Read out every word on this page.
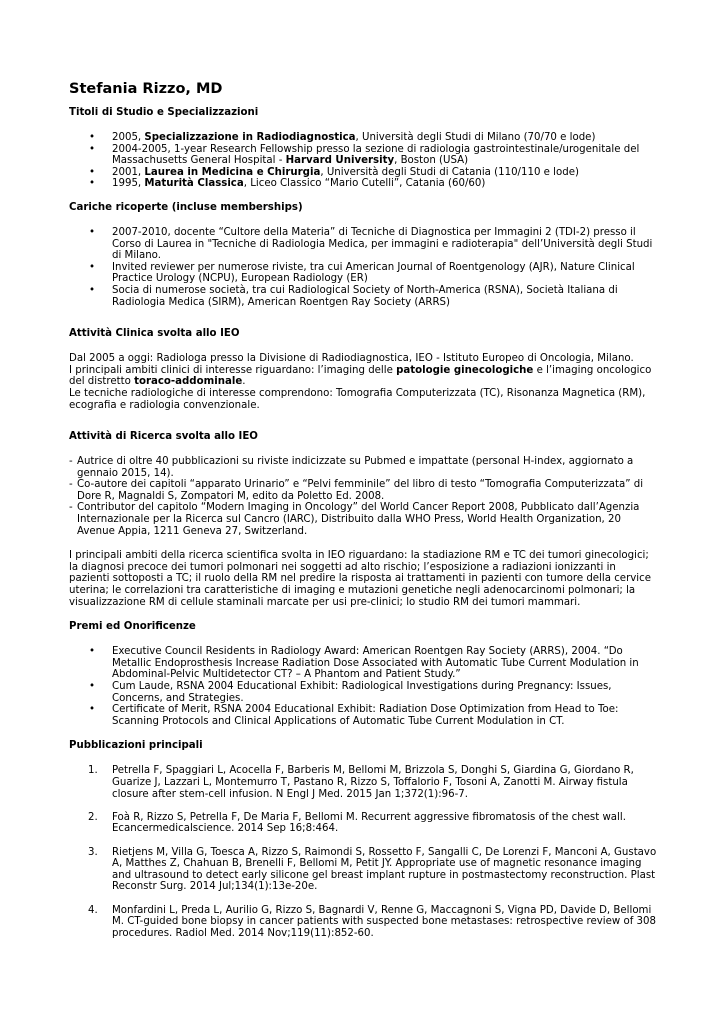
Stefania Rizzo, MD
Titoli di Studio e Specializzazioni
• 2005, Specializzazione in Radiodiagnostica, Università degli Studi di Milano (70/70 e lode)
• 2004-2005, 1-year Research Fellowship presso la sezione di radiologia gastrointestinale/urogenitale del Massachusetts General Hospital - Harvard University, Boston (USA)
• 2001, Laurea in Medicina e Chirurgia, Università degli Studi di Catania (110/110 e lode)
• 1995, Maturità Classica, Liceo Classico “Mario Cutelli”, Catania (60/60)
Cariche ricoperte (incluse memberships)
• 2007-2010, docente “Cultore della Materia” di Tecniche di Diagnostica per Immagini 2 (TDI-2) presso il Corso di Laurea in "Tecniche di Radiologia Medica, per immagini e radioterapia" dell’Università degli Studi di Milano.
• Invited reviewer per numerose riviste, tra cui American Journal of Roentgenology (AJR), Nature Clinical Practice Urology (NCPU), European Radiology (ER)
• Socia di numerose società, tra cui Radiological Society of North-America (RSNA), Società Italiana di Radiologia Medica (SIRM), American Roentgen Ray Society (ARRS)
Attività Clinica svolta allo IEO

Dal 2005 a oggi: Radiologa presso la Divisione di Radiodiagnostica, IEO - Istituto Europeo di Oncologia, Milano.

I principali ambiti clinici di interesse riguardano: l’imaging delle patologie ginecologiche e l’imaging oncologico del distretto toraco-addominale.

Le tecniche radiologiche di interesse comprendono: Tomografia Computerizzata (TC), Risonanza Magnetica (RM), ecografia e radiologia convenzionale.

Attività di Ricerca svolta allo IEO
- Autrice di oltre 40 pubblicazioni su riviste indicizzate su Pubmed e impattate (personal H-index, aggiornato a gennaio 2015, 14).
- Co-autore dei capitoli “apparato Urinario” e “Pelvi femminile” del libro di testo “Tomografia Computerizzata” di Dore R, Magnaldi S, Zompatori M, edito da Poletto Ed. 2008.
- Contributor del capitolo “Modern Imaging in Oncology” del World Cancer Report 2008, Pubblicato dall’Agenzia Internazionale per la Ricerca sul Cancro (IARC), Distribuito dalla WHO Press, World Health Organization, 20 Avenue Appia, 1211 Geneva 27, Switzerland.

I principali ambiti della ricerca scientifica svolta in IEO riguardano: la stadiazione RM e TC dei tumori ginecologici; la diagnosi precoce dei tumori polmonari nei soggetti ad alto rischio; l’esposizione a radiazioni ionizzanti in pazienti sottoposti a TC; il ruolo della RM nel predire la risposta ai trattamenti in pazienti con tumore della cervice uterina; le correlazioni tra caratteristiche di imaging e mutazioni genetiche negli adenocarcinomi polmonari; la visualizzazione RM di cellule staminali marcate per usi pre-clinici; lo studio RM dei tumori mammari.

Premi ed Onorificenze
• Executive Council Residents in Radiology Award: American Roentgen Ray Society (ARRS), 2004. “Do Metallic Endoprosthesis Increase Radiation Dose Associated with Automatic Tube Current Modulation in Abdominal-Pelvic Multidetector CT? – A Phantom and Patient Study.”
• Cum Laude, RSNA 2004 Educational Exhibit: Radiological Investigations during Pregnancy: Issues, Concerns, and Strategies.
• Certificate of Merit, RSNA 2004 Educational Exhibit: Radiation Dose Optimization from Head to Toe: Scanning Protocols and Clinical Applications of Automatic Tube Current Modulation in CT.
Pubblicazioni principali
1. Petrella F, Spaggiari L, Acocella F, Barberis M, Bellomi M, Brizzola S, Donghi S, Giardina G, Giordano R, Guarize J, Lazzari L, Montemurro T, Pastano R, Rizzo S, Toffalorio F, Tosoni A, Zanotti M. Airway fistula closure after stem-cell infusion. N Engl J Med. 2015 Jan 1;372(1):96-7.
2. Foà R, Rizzo S, Petrella F, De Maria F, Bellomi M. Recurrent aggressive fibromatosis of the chest wall. Ecancermedicalscience. 2014 Sep 16;8:464.
3. Rietjens M, Villa G, Toesca A, Rizzo S, Raimondi S, Rossetto F, Sangalli C, De Lorenzi F, Manconi A, Gustavo A, Matthes Z, Chahuan B, Brenelli F, Bellomi M, Petit JY. Appropriate use of magnetic resonance imaging and ultrasound to detect early silicone gel breast implant rupture in postmastectomy reconstruction. Plast Reconstr Surg. 2014 Jul;134(1):13e-20e.
4. Monfardini L, Preda L, Aurilio G, Rizzo S, Bagnardi V, Renne G, Maccagnoni S, Vigna PD, Davide D, Bellomi M. CT-guided bone biopsy in cancer patients with suspected bone metastases: retrospective review of 308 procedures. Radiol Med. 2014 Nov;119(11):852-60.
